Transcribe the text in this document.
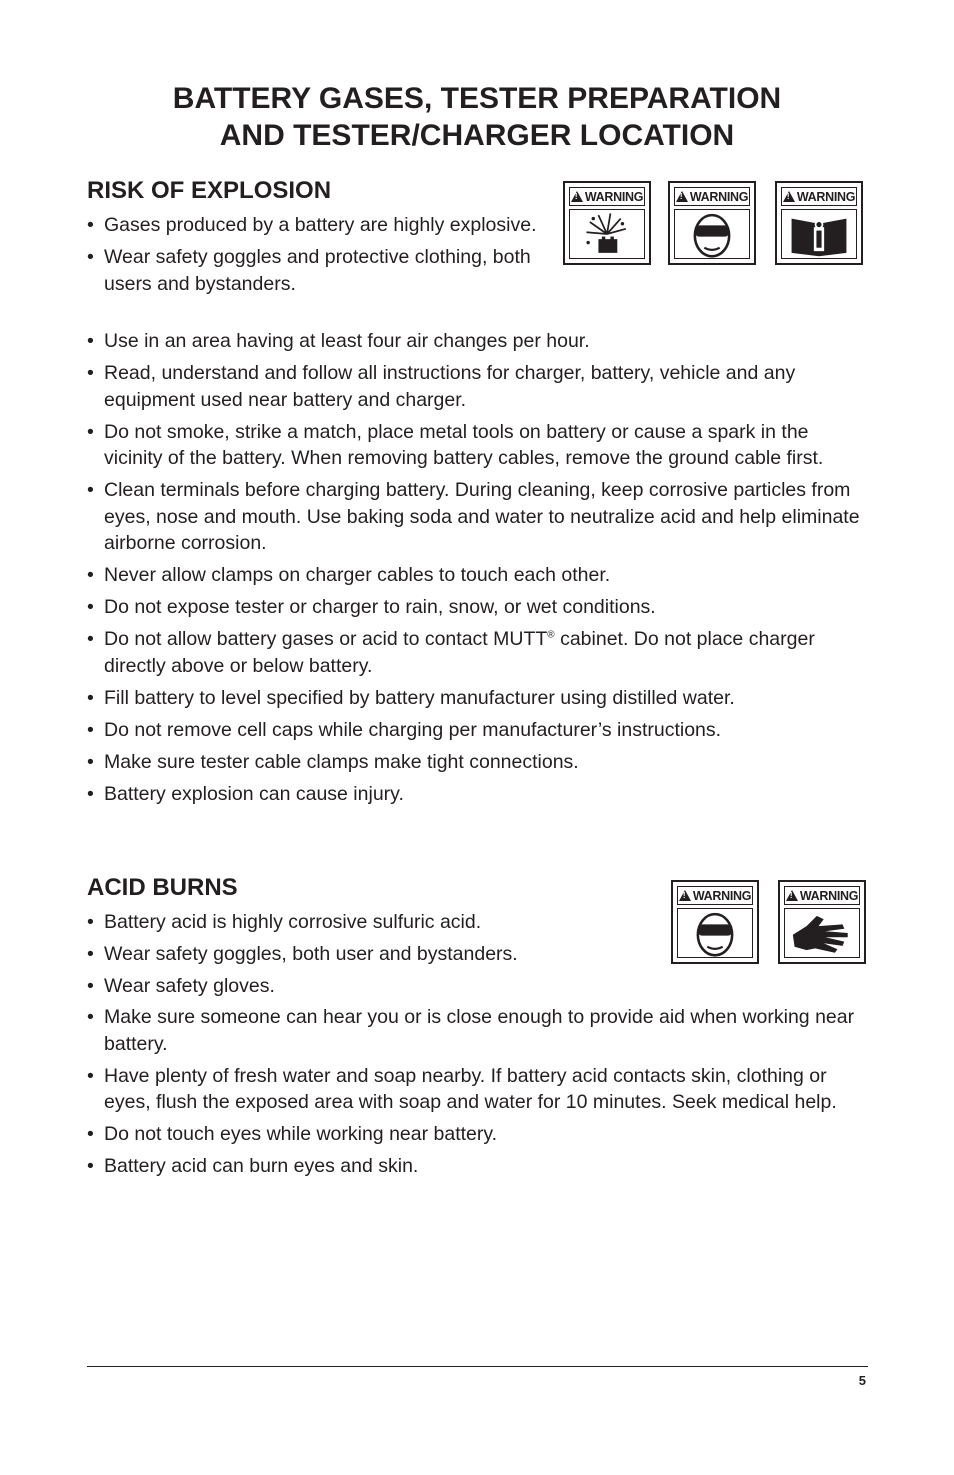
BATTERY GASES, TESTER PREPARATION
AND TESTER/CHARGER LOCATION
RISK OF EXPLOSION !	WARNING !	WARNING !	WARNING
• Gases produced by a battery are highly explosive.
• Wear safety goggles and protective clothing, both users and bystanders.
• Use in an area having at least four air changes per hour.
• Read, understand and follow all instructions for charger, battery, vehicle and any equipment used near battery and charger.
• Do not smoke, strike a match, place metal tools on battery or cause a spark in the vicinity of the battery. When removing battery cables, remove the ground cable first.
• Clean terminals before charging battery. During cleaning, keep corrosive particles from eyes, nose and mouth. Use baking soda and water to neutralize acid and help eliminate airborne corrosion.
• Never allow clamps on charger cables to touch each other.
• Do not expose tester or charger to rain, snow, or wet conditions.
• Do not allow battery gases or acid to contact MUTT® cabinet. Do not place charger directly above or below battery.
• Fill battery to level specified by battery manufacturer using distilled water.
• Do not remove cell caps while charging per manufacturer’s instructions.
• Make sure tester cable clamps make tight connections.
• Battery explosion can cause injury.
ACID BURNS !	WARNING !	WARNING
• Battery acid is highly corrosive sulfuric acid.
• Wear safety goggles, both user and bystanders.
• Wear safety gloves.
• Make sure someone can hear you or is close enough to provide aid when working near battery.
• Have plenty of fresh water and soap nearby. If battery acid contacts skin, clothing or eyes, flush the exposed area with soap and water for 10 minutes. Seek medical help.
• Do not touch eyes while working near battery.
• Battery acid can burn eyes and skin.
5
